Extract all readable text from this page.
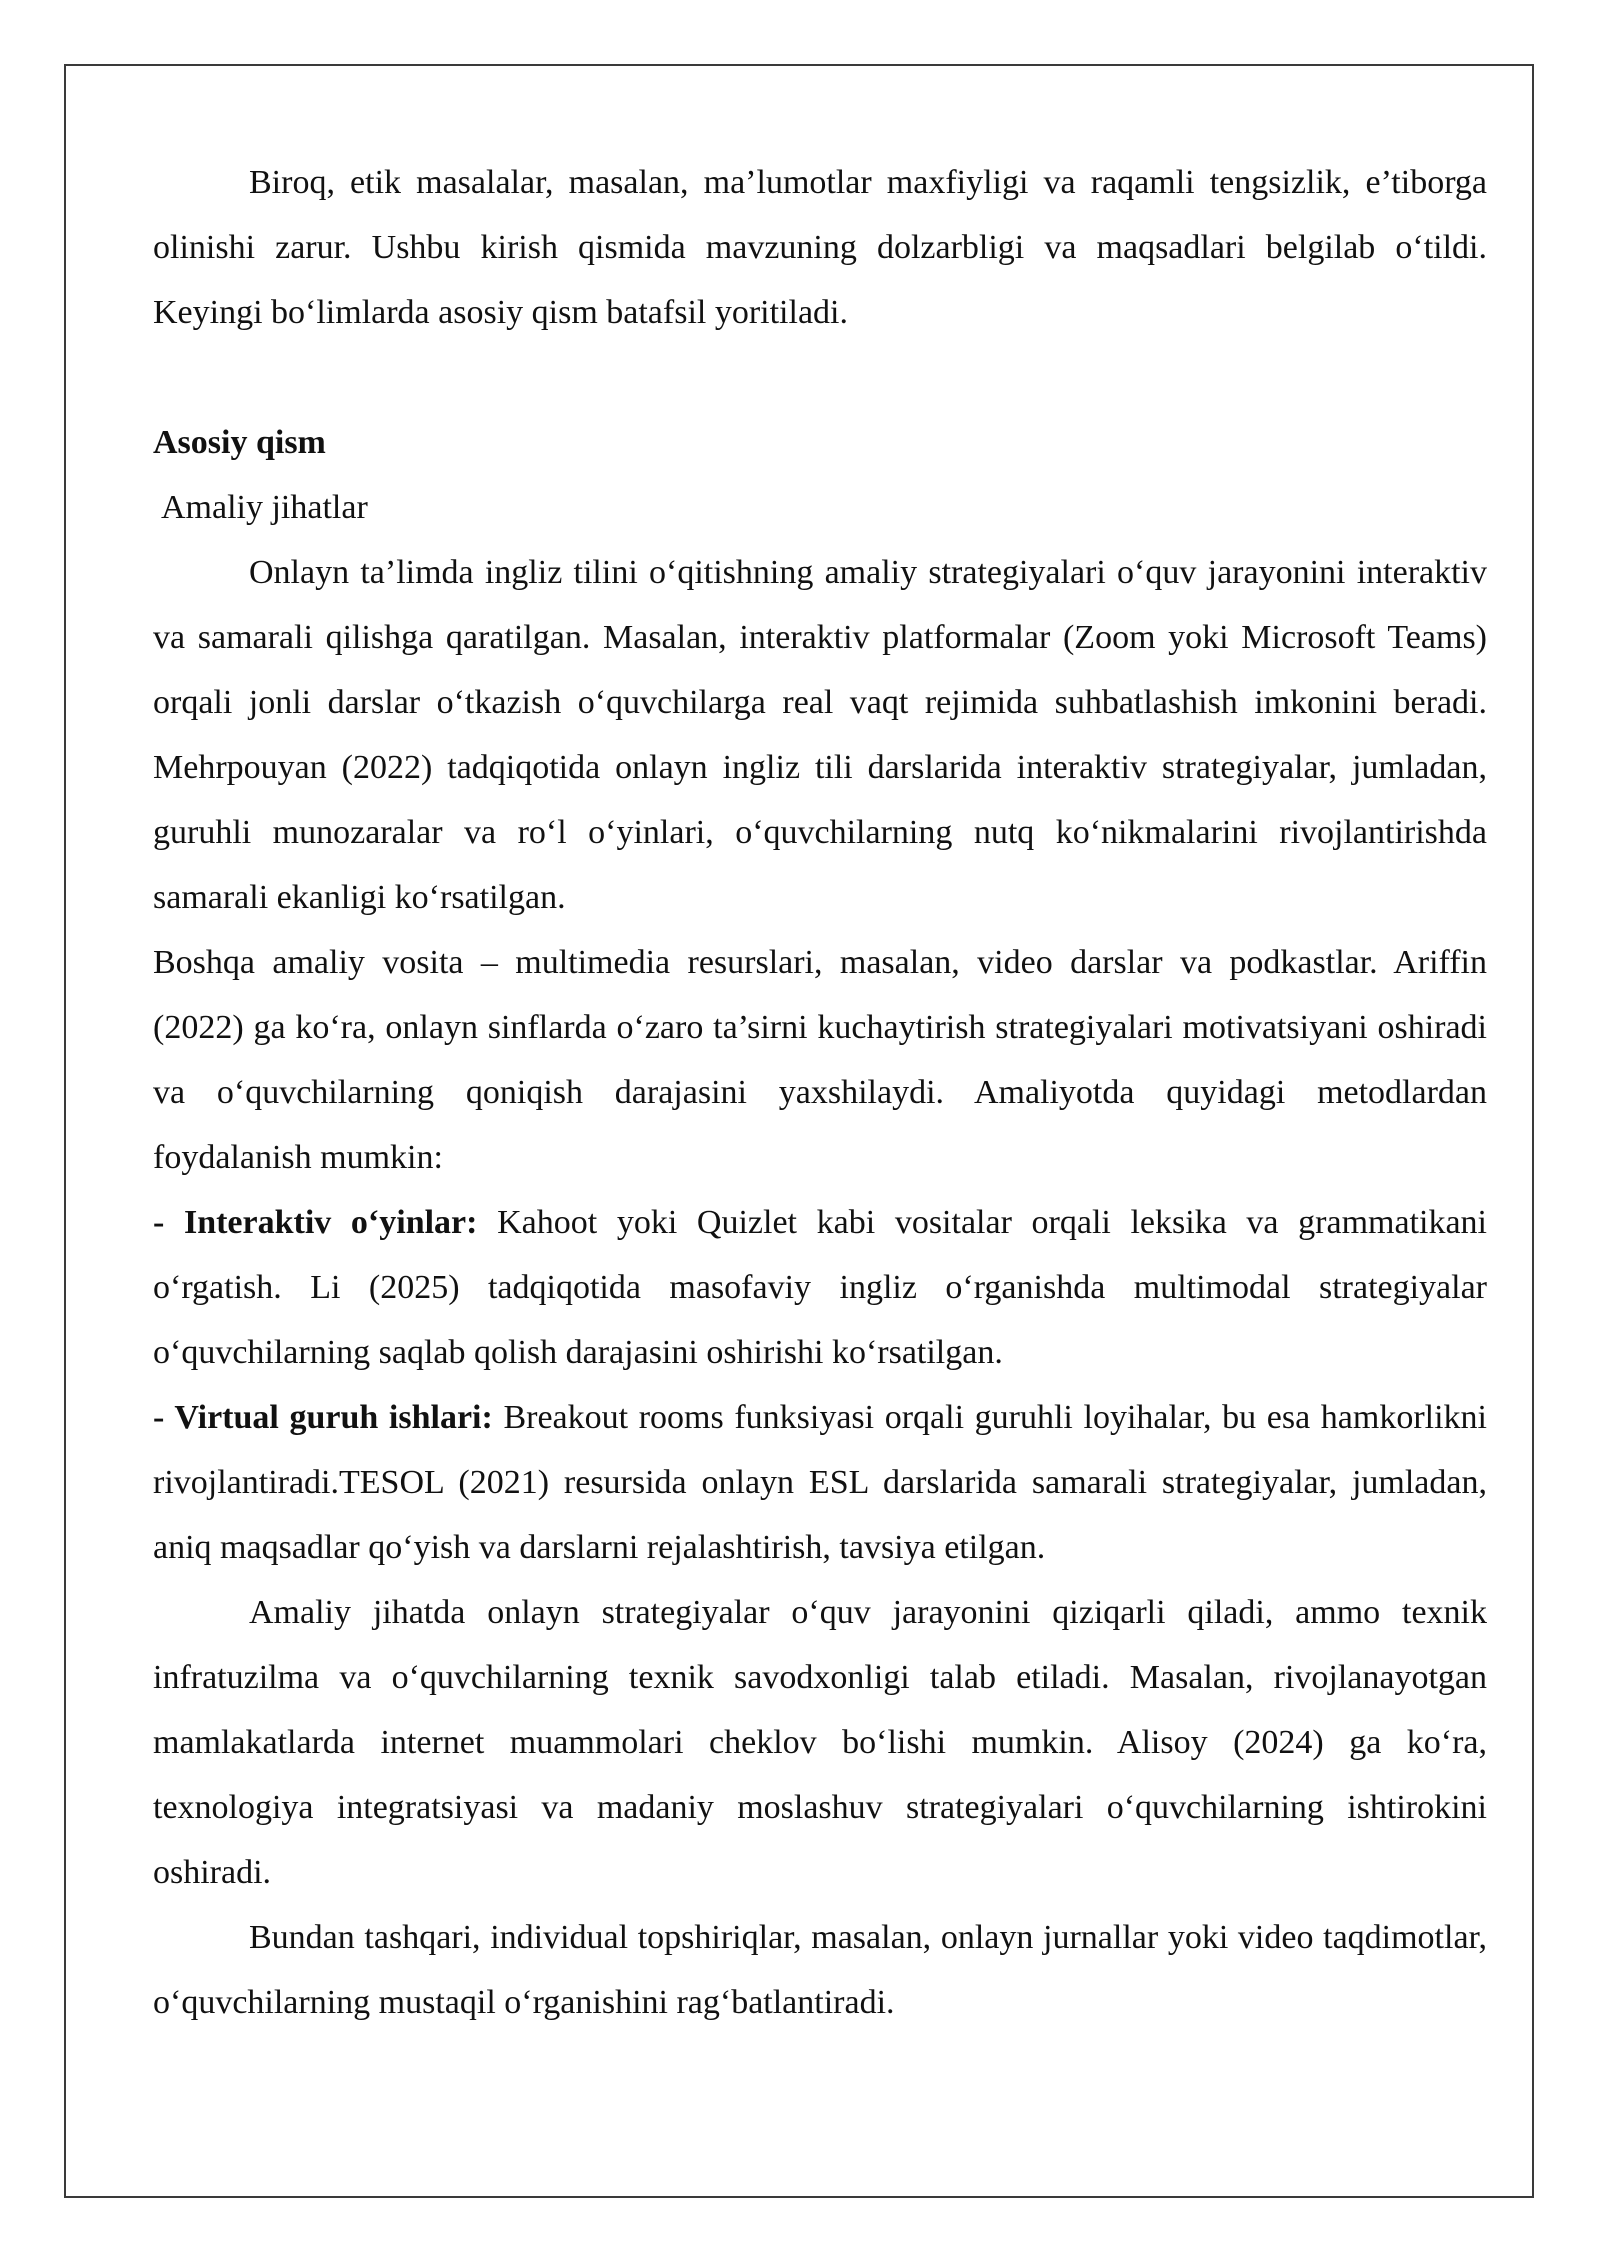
Biroq, etik masalalar, masalan, ma’lumotlar maxfiyligi va raqamli tengsizlik, e’tiborga olinishi zarur. Ushbu kirish qismida mavzuning dolzarbligi va maqsadlari belgilab o‘tildi. Keyingi bo‘limlarda asosiy qism batafsil yoritiladi.

Asosiy qism

Amaliy jihatlar

Onlayn ta’limda ingliz tilini o‘qitishning amaliy strategiyalari o‘quv jarayonini interaktiv va samarali qilishga qaratilgan. Masalan, interaktiv platformalar (Zoom yoki Microsoft Teams) orqali jonli darslar o‘tkazish o‘quvchilarga real vaqt rejimida suhbatlashish imkonini beradi. Mehrpouyan (2022) tadqiqotida onlayn ingliz tili darslarida interaktiv strategiyalar, jumladan, guruhli munozaralar va ro‘l o‘yinlari, o‘quvchilarning nutq ko‘nikmalarini rivojlantirishda samarali ekanligi ko‘rsatilgan.

Boshqa amaliy vosita – multimedia resurslari, masalan, video darslar va podkastlar. Ariffin (2022) ga ko‘ra, onlayn sinflarda o‘zaro ta’sirni kuchaytirish strategiyalari motivatsiyani oshiradi va o‘quvchilarning qoniqish darajasini yaxshilaydi. Amaliyotda quyidagi metodlardan foydalanish mumkin:

- Interaktiv o‘yinlar: Kahoot yoki Quizlet kabi vositalar orqali leksika va grammatikani o‘rgatish. Li (2025) tadqiqotida masofaviy ingliz o‘rganishda multimodal strategiyalar o‘quvchilarning saqlab qolish darajasini oshirishi ko‘rsatilgan.

- Virtual guruh ishlari: Breakout rooms funksiyasi orqali guruhli loyihalar, bu esa hamkorlikni rivojlantiradi.TESOL (2021) resursida onlayn ESL darslarida samarali strategiyalar, jumladan, aniq maqsadlar qo‘yish va darslarni rejalashtirish, tavsiya etilgan.

Amaliy jihatda onlayn strategiyalar o‘quv jarayonini qiziqarli qiladi, ammo texnik infratuzilma va o‘quvchilarning texnik savodxonligi talab etiladi. Masalan, rivojlanayotgan mamlakatlarda internet muammolari cheklov bo‘lishi mumkin. Alisoy (2024) ga ko‘ra, texnologiya integratsiyasi va madaniy moslashuv strategiyalari o‘quvchilarning ishtirokini oshiradi.

Bundan tashqari, individual topshiriqlar, masalan, onlayn jurnallar yoki video taqdimotlar, o‘quvchilarning mustaqil o‘rganishini rag‘batlantiradi.
